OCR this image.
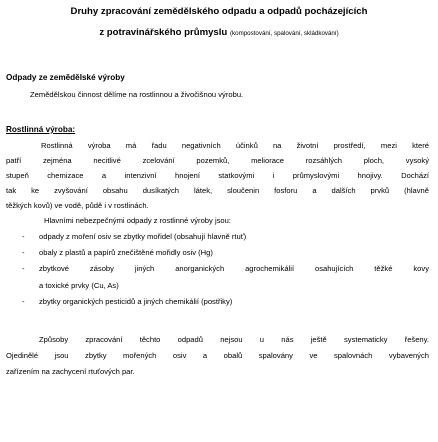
Druhy zpracování zemědělského odpadu a odpadů pocházejících
z potravinářského průmyslu (kompostování, spalování, skládkování)
Odpady ze zemědělské výroby
Zemědělskou činnost dělíme na rostlinnou a živočišnou výrobu.
Rostlinná výroba:
Rostlinná výroba má řadu negativních účinků na životní prostředí, mezi které
patří zejména necitlivé zcelování pozemků, meliorace rozsáhlých ploch, vysoký
stupeň chemizace a intenzivní hnojení statkovými i průmyslovými hnojivy. Dochází
tak ke zvyšování obsahu dusíkatých látek, sloučenin fosforu a dalších prvků (hlavně
těžkých kovů) ve vodě, půdě i v rostlinách.
Hlavními nebezpečnými odpady z rostlinné výroby jsou:
- odpady z moření osiv se zbytky mořidel (obsahují hlavně rtuť)
- obaly z plastů a papírů znečištěné mořidly osiv (Hg)
- zbytkové zásoby jiných anorganických agrochemikálií osahujících těžké kovy
a toxické prvky (Cu, As)
- zbytky organických pesticidů a jiných chemikálií (postřiky)
Způsoby zpracování těchto odpadů nejsou u nás ještě systematicky řešeny.
Ojedinělé jsou zbytky mořených osiv a obalů spalovány ve spalovnách vybavených
zařízením na zachycení rtuťových par.
